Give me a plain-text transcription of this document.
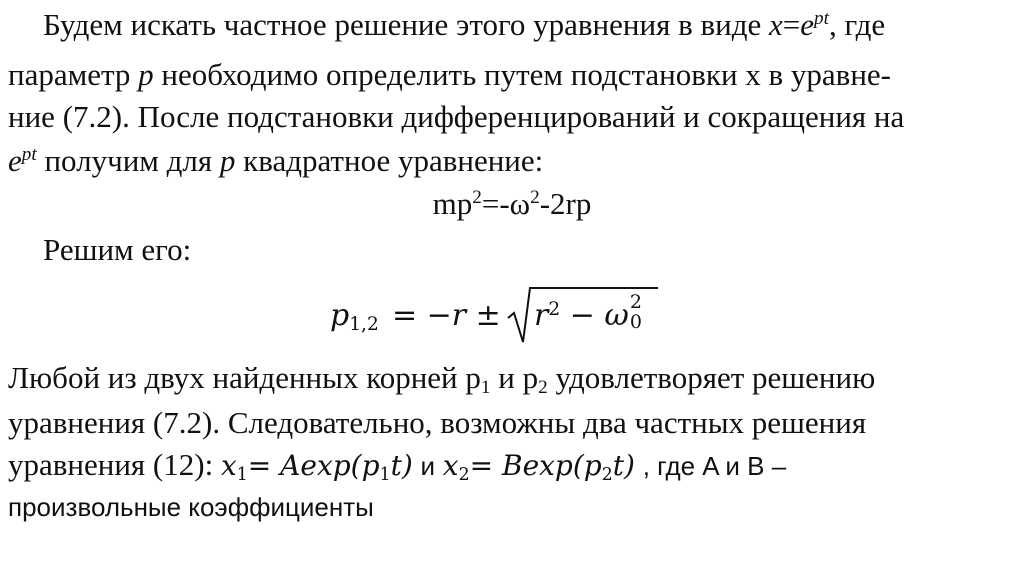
Будем искать частное решение этого уравнения в виде $x=e^{pt}$, где
параметр p необходимо определить путем подстановки x в уравне-
ние (7.2). После подстановки дифференцирований и сокращения на
$e^{pt}$ получим для p квадратное уравнение:
$mp^2=-\omega^2-2rp$
Решим его:
$p_{1,2} = -r \pm r^2 - \omega$ 2
0
Любой из двух найденных корней $р_1$ и $р_2$ удовлетворяет решению
уравнения (7.2). Следовательно, возможны два частных решения
уравнения (12): $x_1= Aexp(p_1t)$ и $x_2= Bexp(p_2t)$ , где A и B –
произвольные коэффициенты
